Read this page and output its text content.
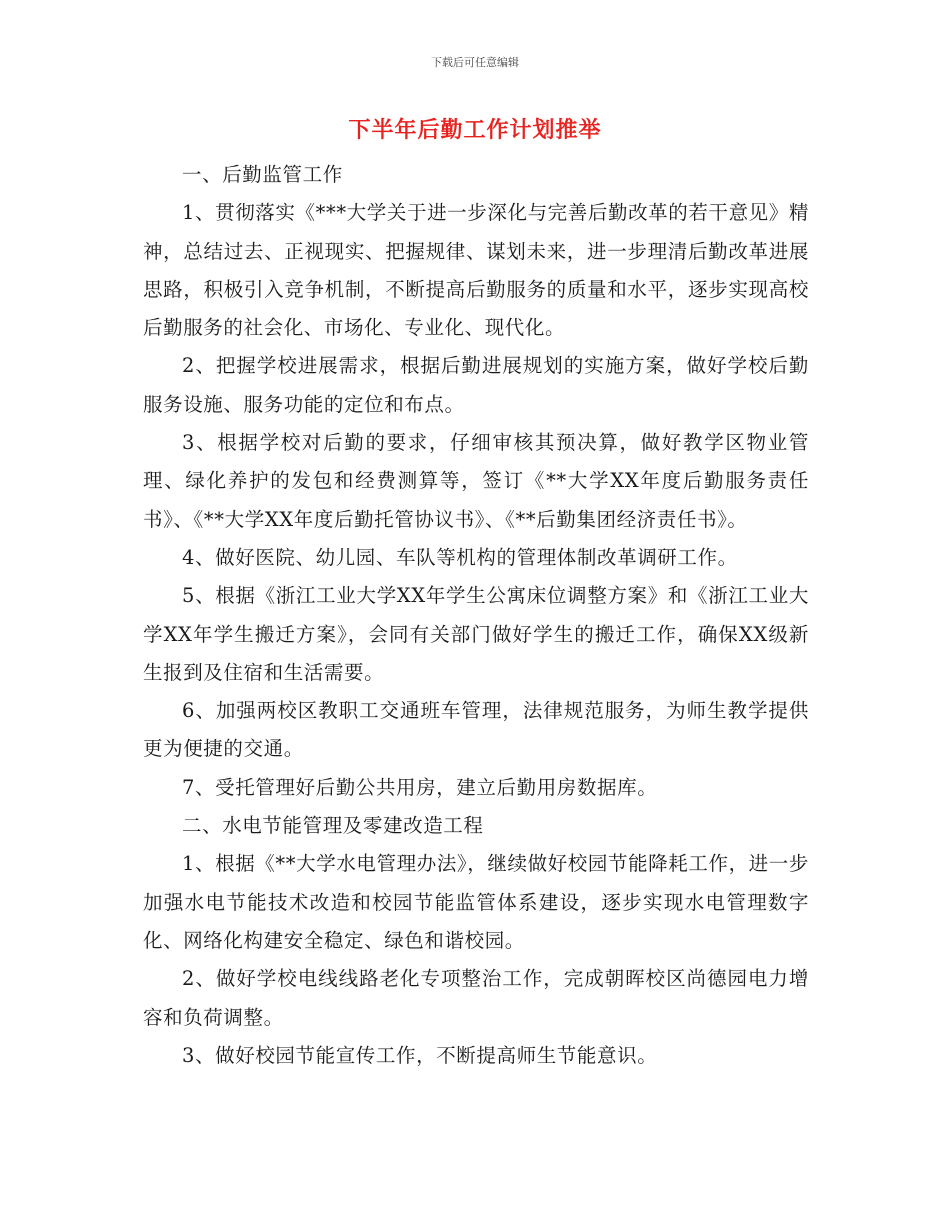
下载后可任意编辑
下半年后勤工作计划推举

一、后勤监管工作

1、贯彻落实《***大学关于进一步深化与完善后勤改革的若干意见》精神，总结过去、正视现实、把握规律、谋划未来，进一步理清后勤改革进展思路，积极引入竞争机制，不断提高后勤服务的质量和水平，逐步实现高校后勤服务的社会化、市场化、专业化、现代化。

2、把握学校进展需求，根据后勤进展规划的实施方案，做好学校后勤服务设施、服务功能的定位和布点。

3、根据学校对后勤的要求，仔细审核其预决算，做好教学区物业管理、绿化养护的发包和经费测算等，签订《**大学XX年度后勤服务责任书》、《**大学XX年度后勤托管协议书》、《**后勤集团经济责任书》。

4、做好医院、幼儿园、车队等机构的管理体制改革调研工作。

5、根据《浙江工业大学XX年学生公寓床位调整方案》和《浙江工业大学XX年学生搬迁方案》，会同有关部门做好学生的搬迁工作，确保XX级新生报到及住宿和生活需要。

6、加强两校区教职工交通班车管理，法律规范服务，为师生教学提供更为便捷的交通。

7、受托管理好后勤公共用房，建立后勤用房数据库。

二、水电节能管理及零建改造工程

1、根据《**大学水电管理办法》，继续做好校园节能降耗工作，进一步加强水电节能技术改造和校园节能监管体系建设，逐步实现水电管理数字化、网络化构建安全稳定、绿色和谐校园。

2、做好学校电线线路老化专项整治工作，完成朝晖校区尚德园电力增容和负荷调整。

3、做好校园节能宣传工作，不断提高师生节能意识。
